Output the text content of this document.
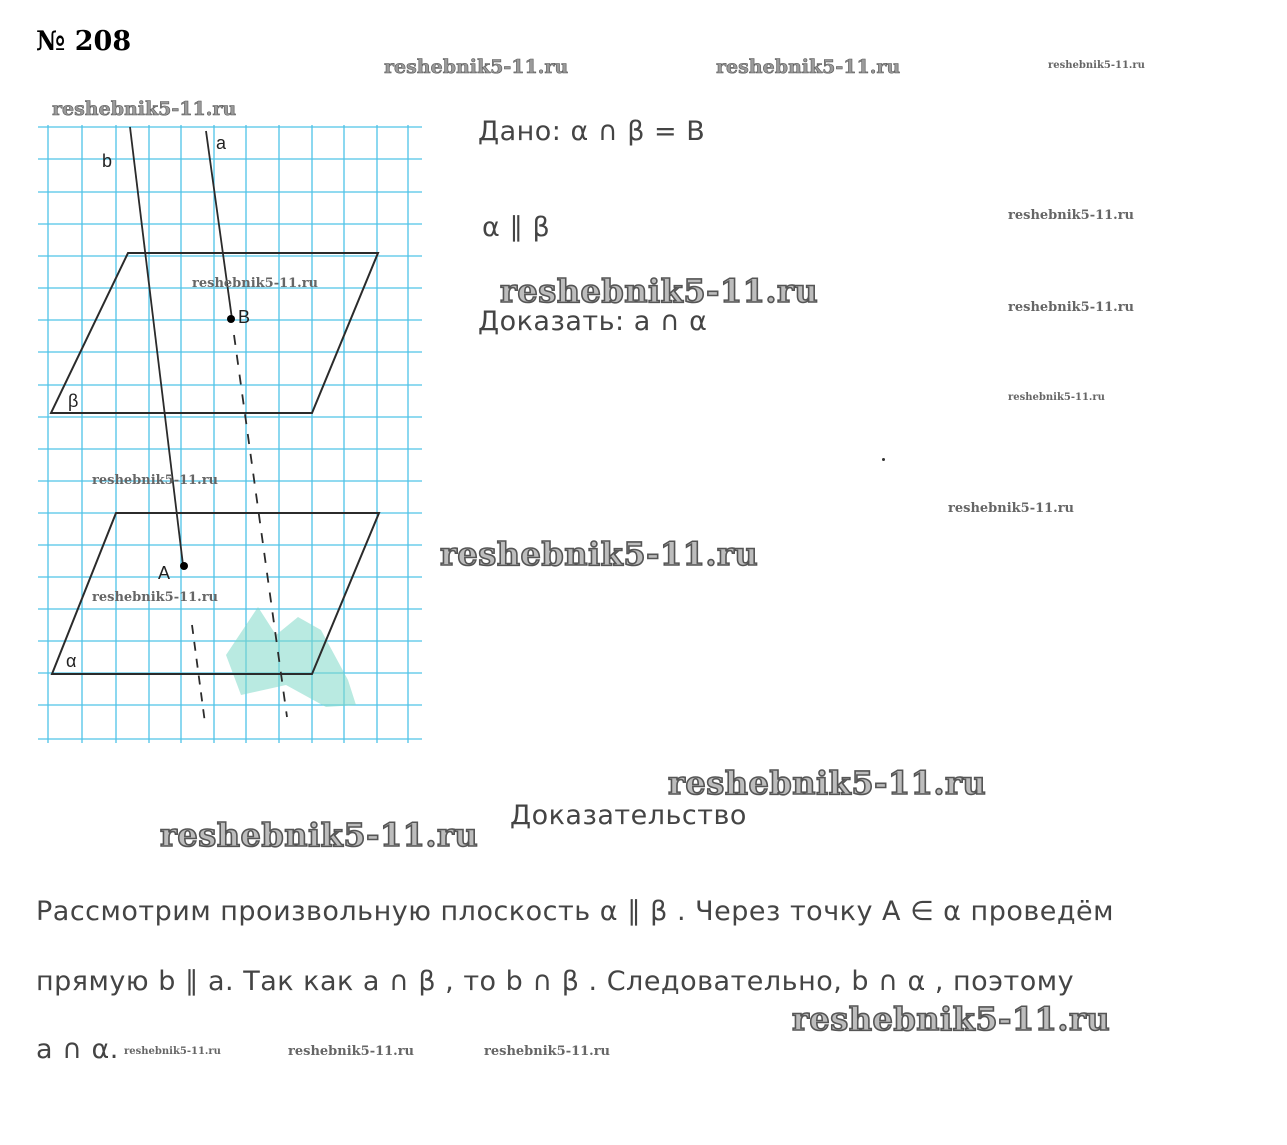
№ 208
a
b
B
A
β
α
Дано: α ∩ β = B
α ∥ β
Доказать: a ∩ α
Доказательство
Рассмотрим произвольную плоскость α ∥ β . Через точку A ∈ α проведём
прямую b ∥ a. Так как a ∩ β , то b ∩ β . Следовательно, b ∩ α , поэтому
a ∩ α.
reshebnik5-11.ru	reshebnik5-11.ru	reshebnik5-11.ru
reshebnik5-11.ru
reshebnik5-11.ru
reshebnik5-11.ru
reshebnik5-11.ru	reshebnik5-11.ru
reshebnik5-11.ru
reshebnik5-11.ru
reshebnik5-11.ru
reshebnik5-11.ru
reshebnik5-11.ru
reshebnik5-11.ru
reshebnik5-11.ru
reshebnik5-11.ru
reshebnik5-11.ru	reshebnik5-11.ru	reshebnik5-11.ru
